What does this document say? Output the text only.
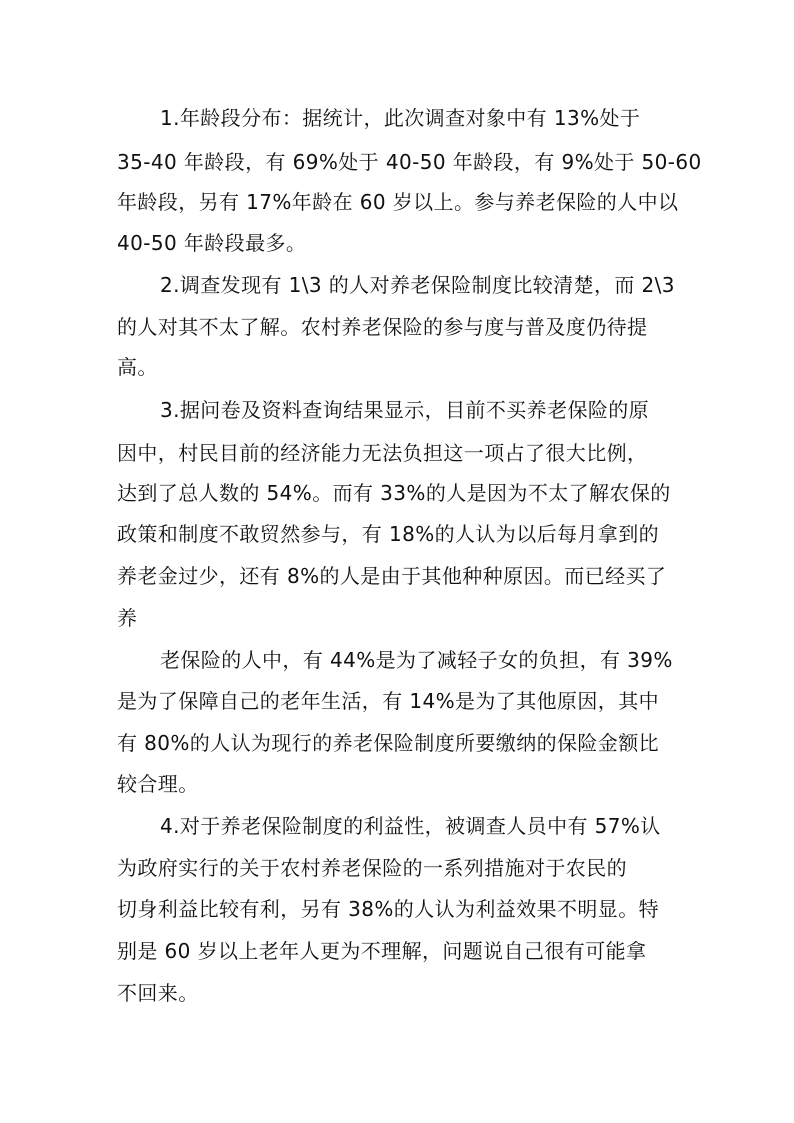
1.年龄段分布：据统计，此次调查对象中有 13%处于

35-40 年龄段，有 69%处于 40-50 年龄段，有 9%处于 50-60

年龄段，另有 17%年龄在 60 岁以上。参与养老保险的人中以

40-50 年龄段最多。

2.调查发现有 1\3 的人对养老保险制度比较清楚，而 2\3

的人对其不太了解。农村养老保险的参与度与普及度仍待提

高。

3.据问卷及资料查询结果显示，目前不买养老保险的原

因中，村民目前的经济能力无法负担这一项占了很大比例，

达到了总人数的 54%。而有 33%的人是因为不太了解农保的

政策和制度不敢贸然参与，有 18%的人认为以后每月拿到的

养老金过少，还有 8%的人是由于其他种种原因。而已经买了

养

老保险的人中，有 44%是为了减轻子女的负担，有 39%

是为了保障自己的老年生活，有 14%是为了其他原因，其中

有 80%的人认为现行的养老保险制度所要缴纳的保险金额比

较合理。

4.对于养老保险制度的利益性，被调查人员中有 57%认

为政府实行的关于农村养老保险的一系列措施对于农民的

切身利益比较有利，另有 38%的人认为利益效果不明显。特

别是 60 岁以上老年人更为不理解，问题说自己很有可能拿

不回来。
